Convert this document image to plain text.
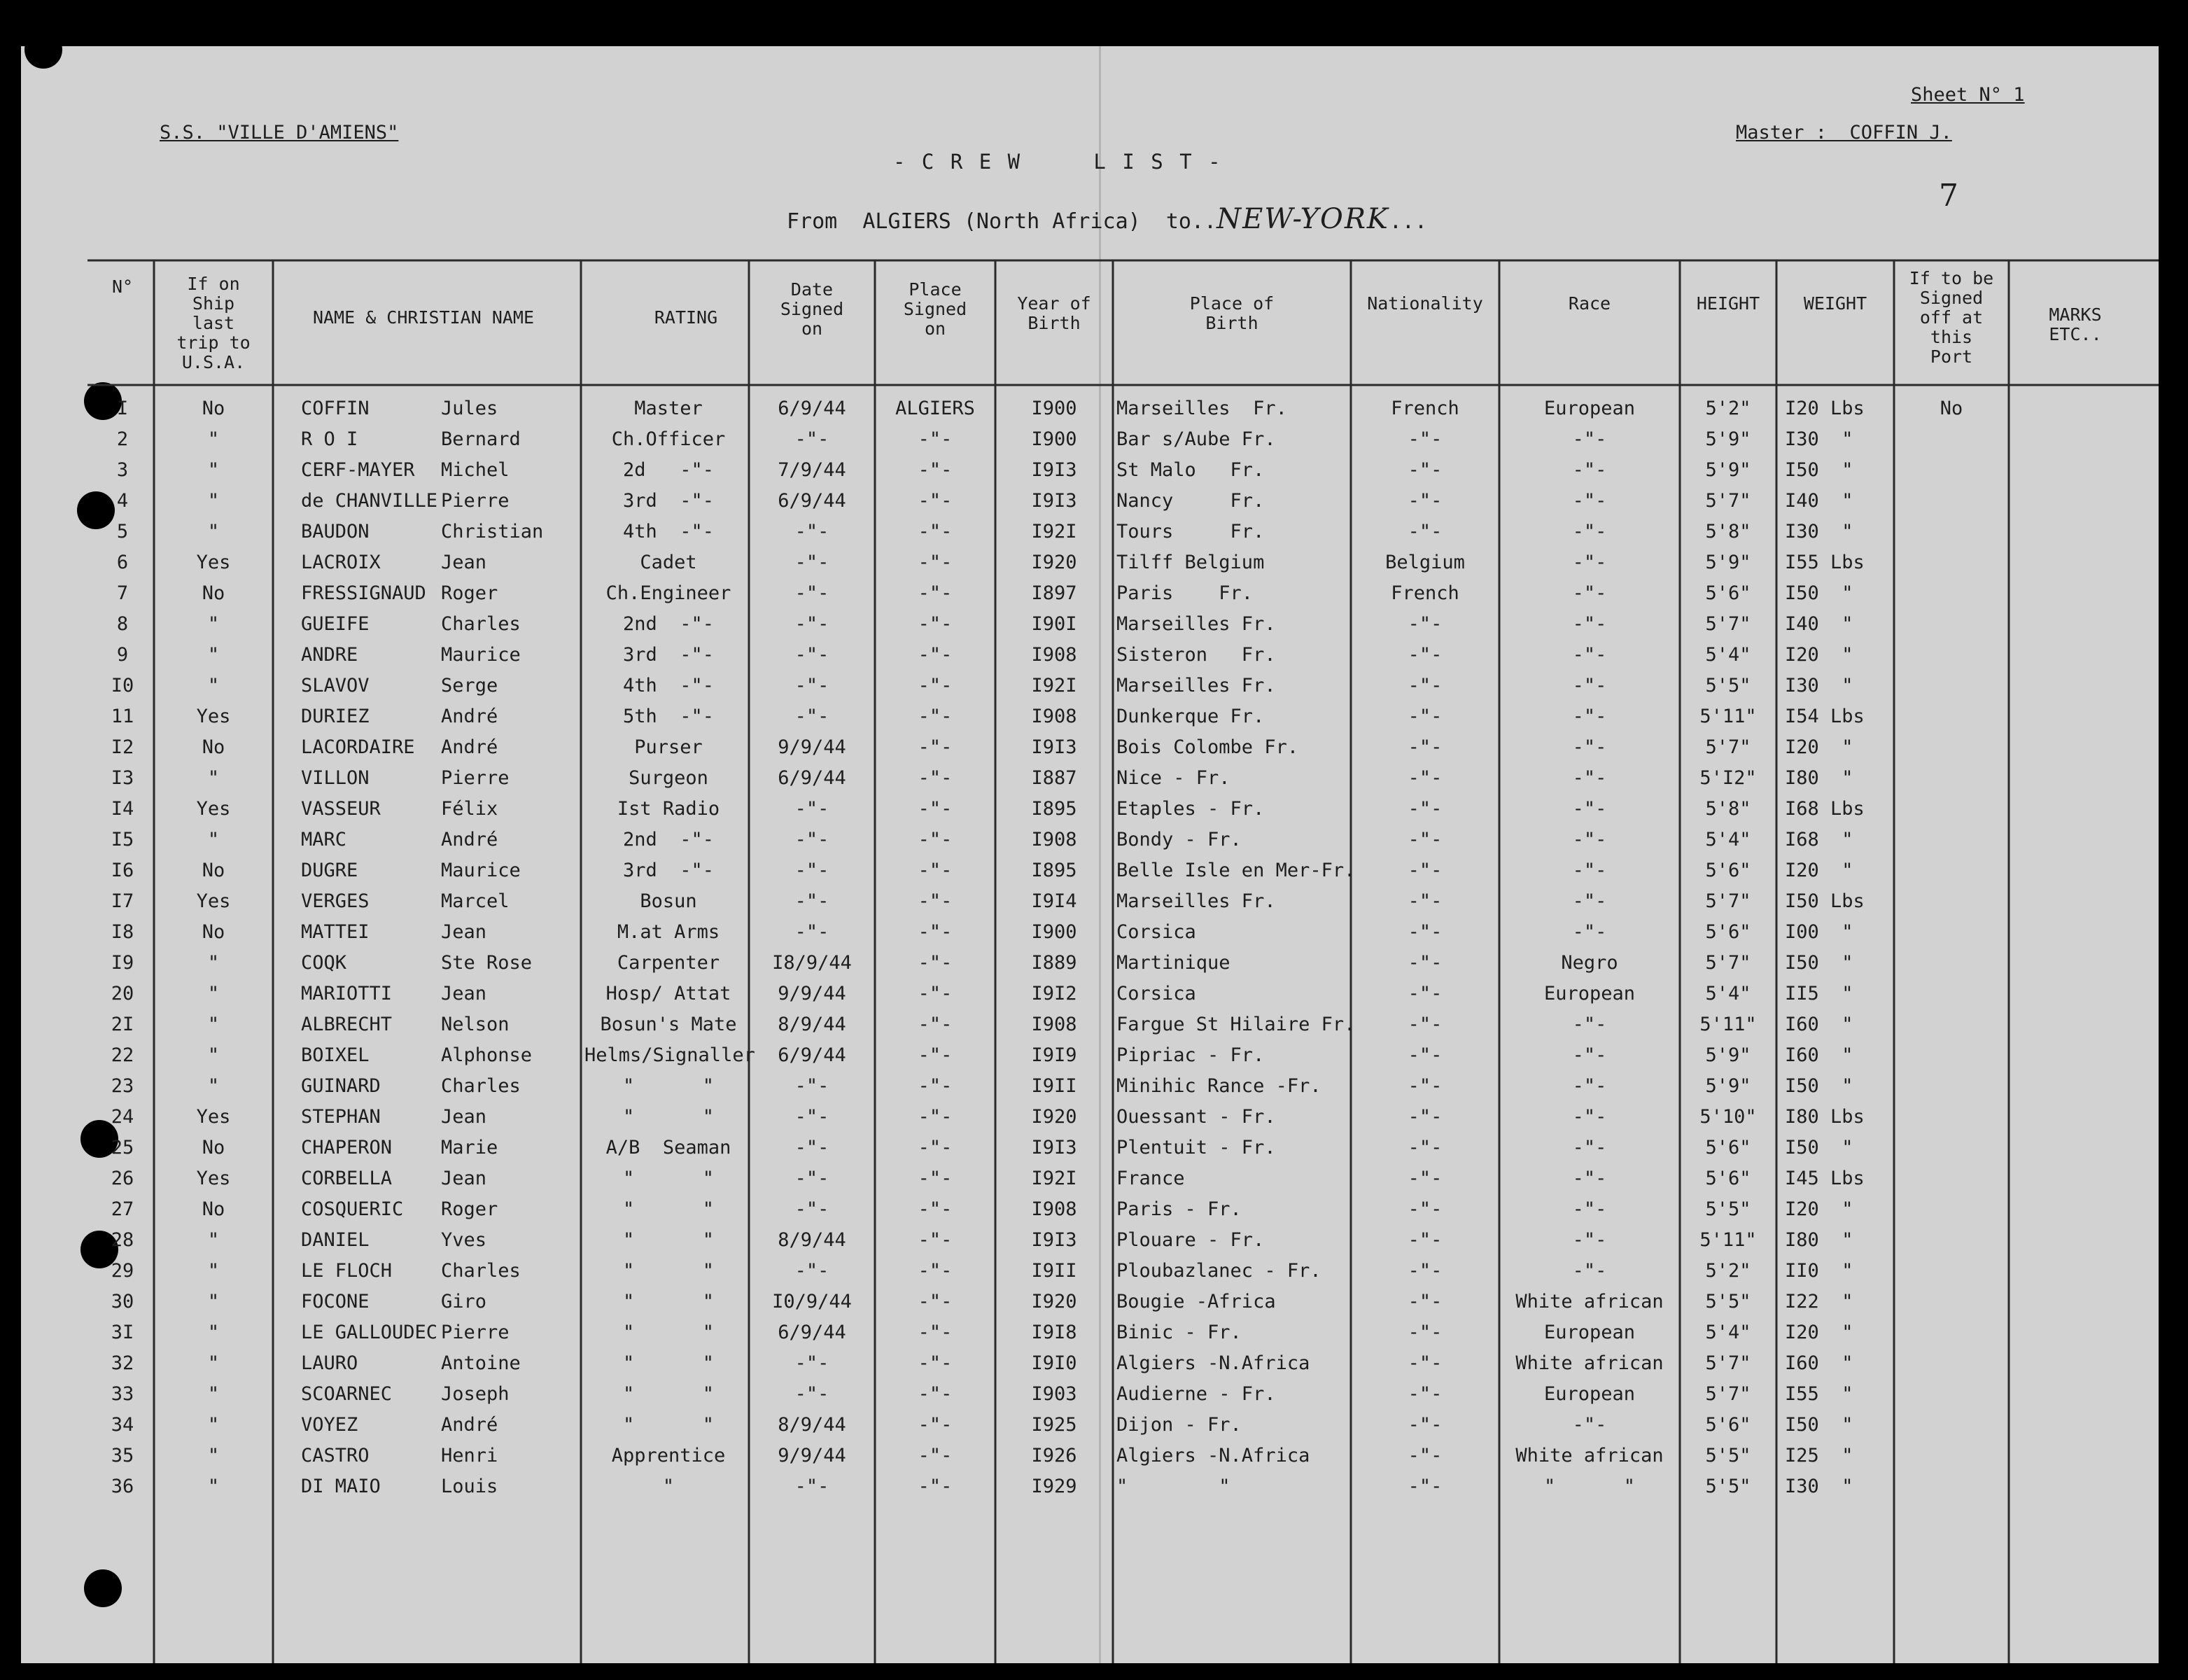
S.S. "VILLE D'AMIENS"
Sheet N° 1
Master :  COFFIN J.
7
- C R E W     L I S T -
From  ALGIERS (North Africa)  to..NEW-YORK...
N°	If on
Ship
last
trip to
U.S.A.
NAME & CHRISTIAN NAME	RATING
Date
Signed
on
Place
Signed
on
Year of
Birth
Place of
Birth
Nationality	Race	HEIGHT	WEIGHT
If to be
Signed
off at
this
Port
MARKS
ETC..
I	No	COFFIN	Jules	Master	6/9/44	ALGIERS	I900	Marseilles  Fr.	French	European	5'2"	I20 Lbs	No
2	"	R O I	Bernard	Ch.Officer	-"-	-"-	I900	Bar s/Aube Fr.	-"-	-"-	5'9"	I30  "
3	"	CERF-MAYER	Michel	2d   -"-	7/9/44	-"-	I9I3	St Malo   Fr.	-"-	-"-	5'9"	I50  "
4	"	de CHANVILLE Pierre	3rd  -"-	6/9/44	-"-	I9I3	Nancy     Fr.	-"-	-"-	5'7"	I40  "
5	"	BAUDON	Christian	4th  -"-	-"-	-"-	I92I	Tours     Fr.	-"-	-"-	5'8"	I30  "
6	Yes	LACROIX	Jean	Cadet	-"-	-"-	I920	Tilff Belgium	Belgium	-"-	5'9"	I55 Lbs
7	No	FRESSIGNAUD Roger	Ch.Engineer	-"-	-"-	I897	Paris    Fr.	French	-"-	5'6"	I50  "
8	"	GUEIFE	Charles	2nd  -"-	-"-	-"-	I90I	Marseilles Fr.	-"-	-"-	5'7"	I40  "
9	"	ANDRE	Maurice	3rd  -"-	-"-	-"-	I908	Sisteron   Fr.	-"-	-"-	5'4"	I20  "
I0	"	SLAVOV	Serge	4th  -"-	-"-	-"-	I92I	Marseilles Fr.	-"-	-"-	5'5"	I30  "
11	Yes	DURIEZ	André	5th  -"-	-"-	-"-	I908	Dunkerque Fr.	-"-	-"-	5'11"	I54 Lbs
I2	No	LACORDAIRE	André	Purser	9/9/44	-"-	I9I3	Bois Colombe Fr.	-"-	-"-	5'7"	I20  "
I3	"	VILLON	Pierre	Surgeon	6/9/44	-"-	I887	Nice - Fr.	-"-	-"-	5'I2"	I80  "
I4	Yes	VASSEUR	Félix	Ist Radio	-"-	-"-	I895	Etaples - Fr.	-"-	-"-	5'8"	I68 Lbs
I5	"	MARC	André	2nd  -"-	-"-	-"-	I908	Bondy - Fr.	-"-	-"-	5'4"	I68  "
I6	No	DUGRE	Maurice	3rd  -"-	-"-	-"-	I895	Belle Isle en Mer-Fr.	-"-	-"-	5'6"	I20  "
I7	Yes	VERGES	Marcel	Bosun	-"-	-"-	I9I4	Marseilles Fr.	-"-	-"-	5'7"	I50 Lbs
I8	No	MATTEI	Jean	M.at Arms	-"-	-"-	I900	Corsica	-"-	-"-	5'6"	I00  "
I9	"	COQK	Ste Rose	Carpenter	I8/9/44	-"-	I889	Martinique	-"-	Negro	5'7"	I50  "
20	"	MARIOTTI	Jean	Hosp/ Attat	9/9/44	-"-	I9I2	Corsica	-"-	European	5'4"	II5  "
2I	"	ALBRECHT	Nelson	Bosun's Mate	8/9/44	-"-	I908	Fargue St Hilaire Fr.	-"-	-"-	5'11"	I60  "
22	"	BOIXEL	Alphonse	Helms/Signaller	6/9/44	-"-	I9I9	Pipriac - Fr.	-"-	-"-	5'9"	I60  "
23	"	GUINARD	Charles	"      "	-"-	-"-	I9II	Minihic Rance -Fr.	-"-	-"-	5'9"	I50  "
24	Yes	STEPHAN	Jean	"      "	-"-	-"-	I920	Ouessant - Fr.	-"-	-"-	5'10"	I80 Lbs
25	No	CHAPERON	Marie	A/B  Seaman	-"-	-"-	I9I3	Plentuit - Fr.	-"-	-"-	5'6"	I50  "
26	Yes	CORBELLA	Jean	"      "	-"-	-"-	I92I	France	-"-	-"-	5'6"	I45 Lbs
27	No	COSQUERIC	Roger	"      "	-"-	-"-	I908	Paris - Fr.	-"-	-"-	5'5"	I20  "
28	"	DANIEL	Yves	"      "	8/9/44	-"-	I9I3	Plouare - Fr.	-"-	-"-	5'11"	I80  "
29	"	LE FLOCH	Charles	"      "	-"-	-"-	I9II	Ploubazlanec - Fr.	-"-	-"-	5'2"	II0  "
30	"	FOCONE	Giro	"      "	I0/9/44	-"-	I920	Bougie -Africa	-"-	White african	5'5"	I22  "
3I	"	LE GALLOUDEC Pierre	"      "	6/9/44	-"-	I9I8	Binic - Fr.	-"-	European	5'4"	I20  "
32	"	LAURO	Antoine	"      "	-"-	-"-	I9I0	Algiers -N.Africa	-"-	White african	5'7"	I60  "
33	"	SCOARNEC	Joseph	"      "	-"-	-"-	I903	Audierne - Fr.	-"-	European	5'7"	I55  "
34	"	VOYEZ	André	"      "	8/9/44	-"-	I925	Dijon - Fr.	-"-	-"-	5'6"	I50  "
35	"	CASTRO	Henri	Apprentice	9/9/44	-"-	I926	Algiers -N.Africa	-"-	White african	5'5"	I25  "
36	"	DI MAIO	Louis	"	-"-	-"-	I929	"        "	-"-	"      "	5'5"	I30  "
